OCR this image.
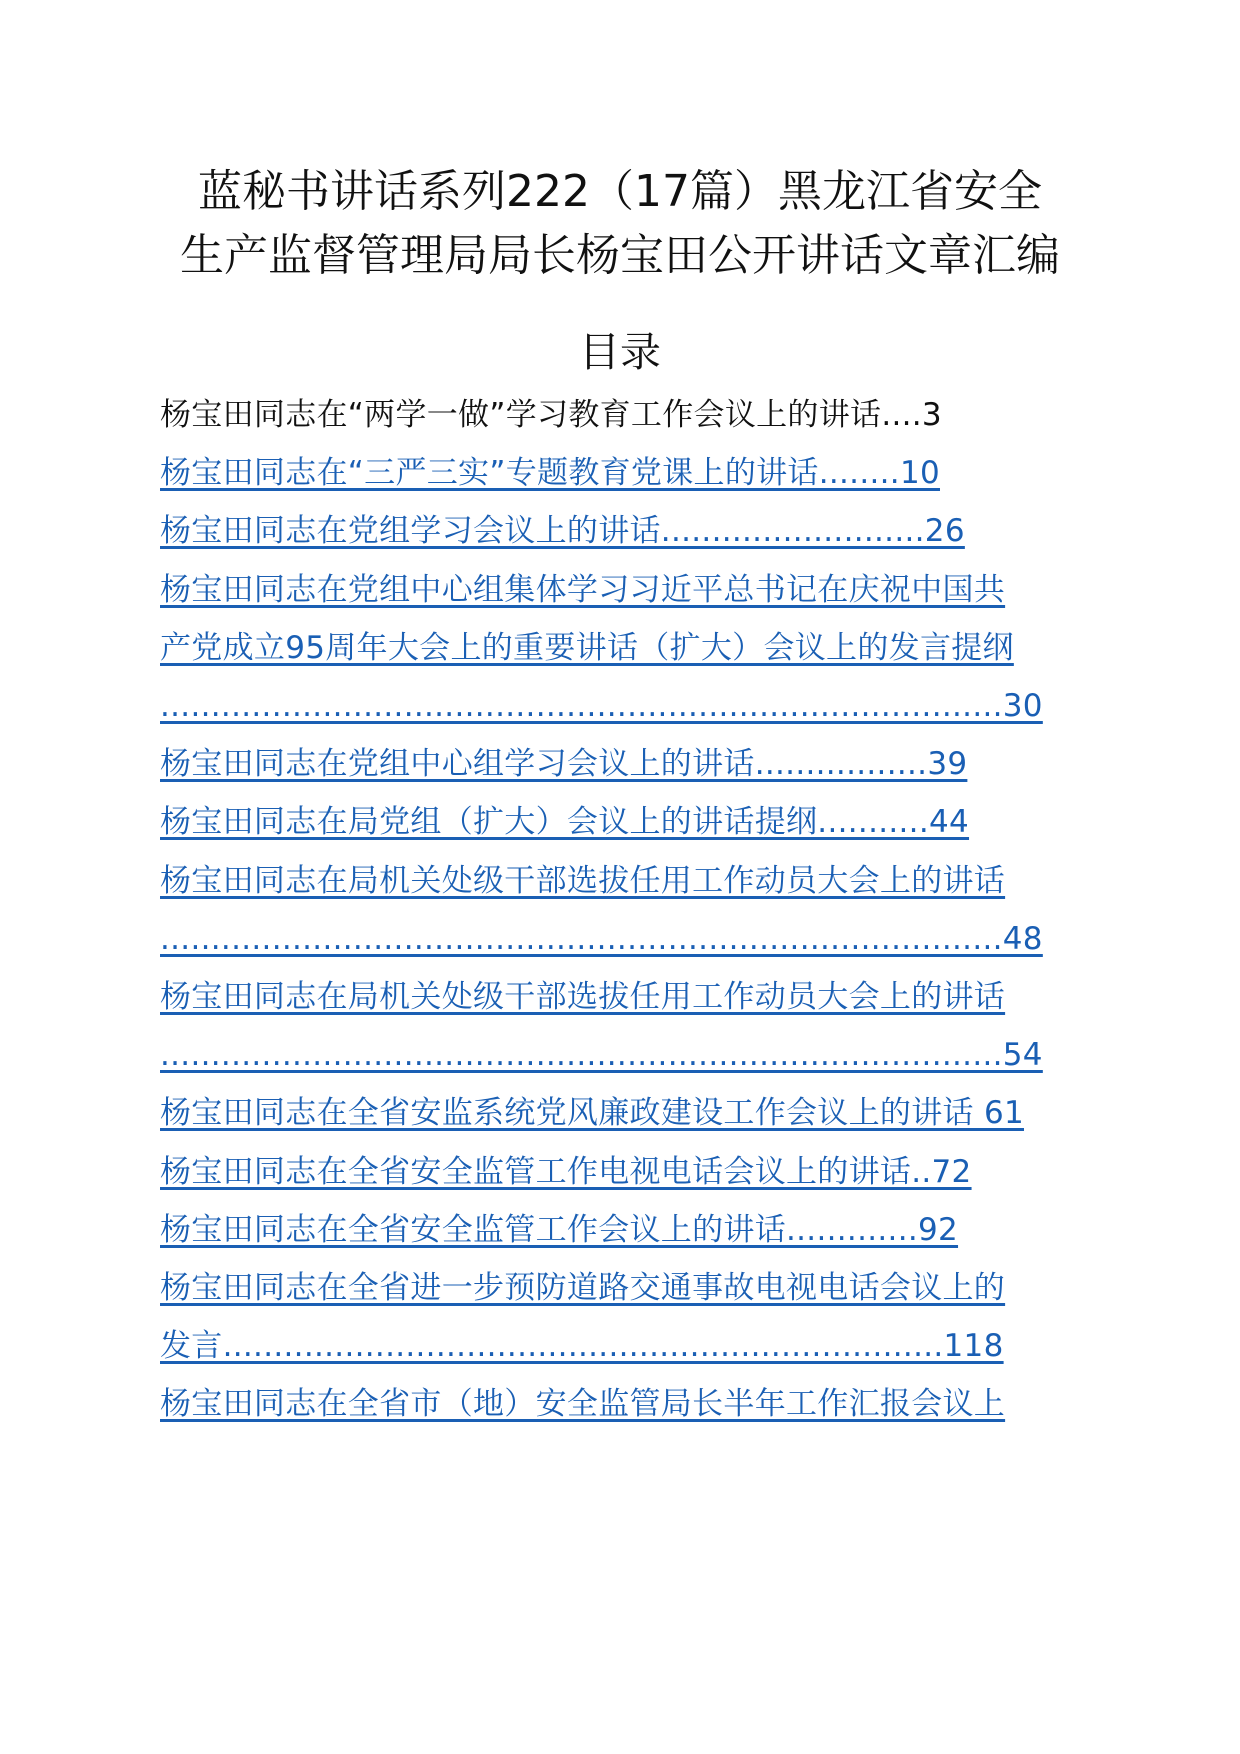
蓝秘书讲话系列222（17篇）黑龙江省安全
生产监督管理局局长杨宝田公开讲话文章汇编
目录
杨宝田同志在“两学一做”学习教育工作会议上的讲话....3
杨宝田同志在“三严三实”专题教育党课上的讲话........10
杨宝田同志在党组学习会议上的讲话..........................26
杨宝田同志在党组中心组集体学习习近平总书记在庆祝中国共
产党成立95周年大会上的重要讲话（扩大）会议上的发言提纲
...................................................................................30
杨宝田同志在党组中心组学习会议上的讲话.................39
杨宝田同志在局党组（扩大）会议上的讲话提纲...........44
杨宝田同志在局机关处级干部选拔任用工作动员大会上的讲话
...................................................................................48
杨宝田同志在局机关处级干部选拔任用工作动员大会上的讲话
...................................................................................54
杨宝田同志在全省安监系统党风廉政建设工作会议上的讲话 61
杨宝田同志在全省安全监管工作电视电话会议上的讲话..72
杨宝田同志在全省安全监管工作会议上的讲话.............92
杨宝田同志在全省进一步预防道路交通事故电视电话会议上的
发言.......................................................................118
杨宝田同志在全省市（地）安全监管局长半年工作汇报会议上
